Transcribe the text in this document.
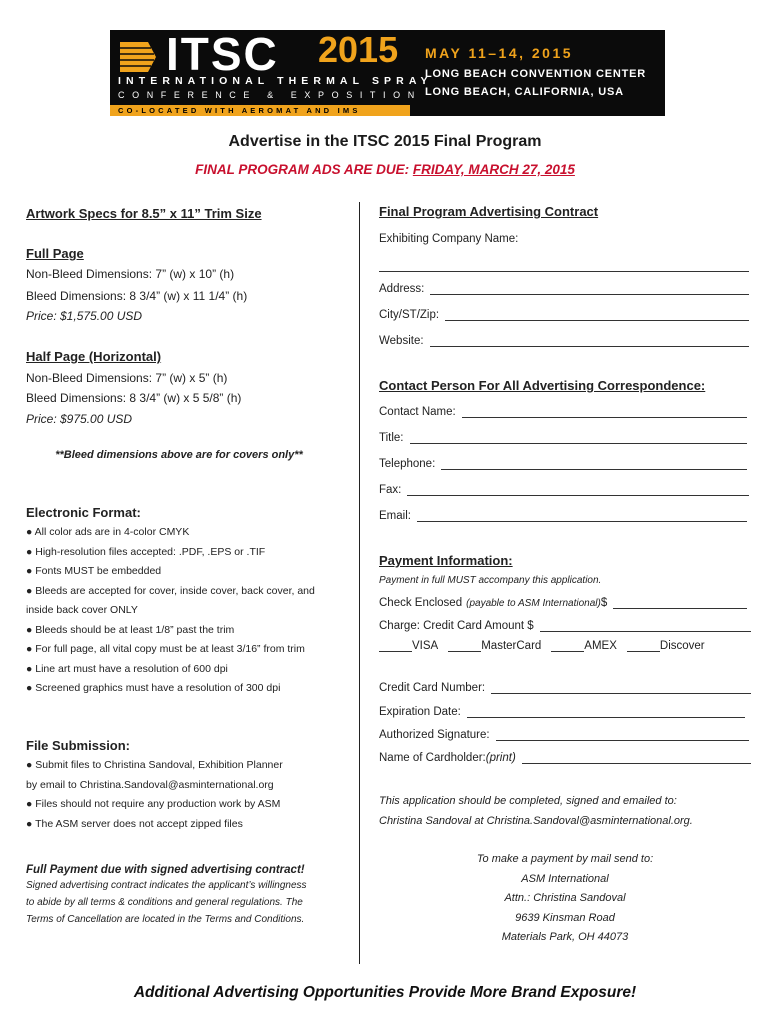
ITSC 2015
INTERNATIONAL THERMAL SPRAY
CONFERENCE & EXPOSITION
CO-LOCATED WITH AEROMAT AND IMS
MAY 11–14, 2015
LONG BEACH CONVENTION CENTER
LONG BEACH, CALIFORNIA, USA
Advertise in the ITSC 2015 Final Program
FINAL PROGRAM ADS ARE DUE: FRIDAY, MARCH 27, 2015
Artwork Specs for 8.5” x 11” Trim Size
Full Page
Non-Bleed Dimensions: 7” (w) x 10” (h)
Bleed Dimensions: 8 3/4” (w) x 11 1/4” (h)
Price: $1,575.00 USD
Half Page (Horizontal)
Non-Bleed Dimensions: 7” (w) x 5” (h)
Bleed Dimensions: 8 3/4” (w) x 5 5/8” (h)
Price: $975.00 USD
**Bleed dimensions above are for covers only**
Electronic Format:
● All color ads are in 4-color CMYK
● High-resolution files accepted: .PDF, .EPS or .TIF
● Fonts MUST be embedded
● Bleeds are accepted for cover, inside cover, back cover, and
inside back cover ONLY
● Bleeds should be at least 1/8” past the trim
● For full page, all vital copy must be at least 3/16” from trim
● Line art must have a resolution of 600 dpi
● Screened graphics must have a resolution of 300 dpi
File Submission:
● Submit files to Christina Sandoval, Exhibition Planner
by email to Christina.Sandoval@asminternational.org
● Files should not require any production work by ASM
● The ASM server does not accept zipped files
Full Payment due with signed advertising contract!
Signed advertising contract indicates the applicant’s willingness
to abide by all terms & conditions and general regulations. The
Terms of Cancellation are located in the Terms and Conditions.
Final Program Advertising Contract
Exhibiting Company Name:
Address:
City/ST/Zip:
Website:
Contact Person For All Advertising Correspondence:
Contact Name:
Title:
Telephone:
Fax:
Email:
Payment Information:
Payment in full MUST accompany this application.
Check Enclosed (payable to ASM International) $
Charge: Credit Card Amount $
VISA	MasterCard	AMEX	Discover
Credit Card Number:
Expiration Date:
Authorized Signature:
Name of Cardholder: (print)
This application should be completed, signed and emailed to:
Christina Sandoval at Christina.Sandoval@asminternational.org.
To make a payment by mail send to:
ASM International
Attn.: Christina Sandoval
9639 Kinsman Road
Materials Park, OH 44073
Additional Advertising Opportunities Provide More Brand Exposure!
